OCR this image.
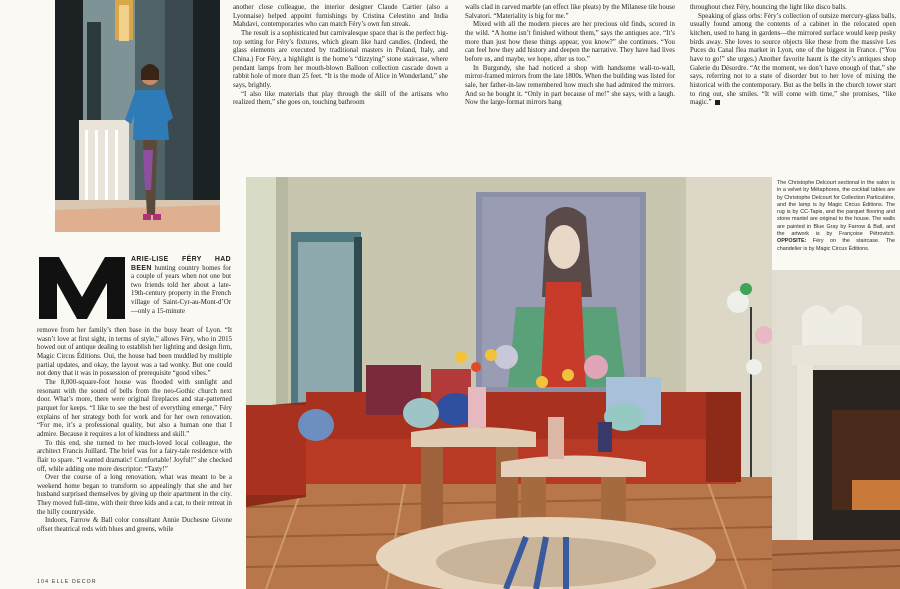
ARIE-LISE FÉRY HAD BEEN hunting country homes for a couple of years when not one but two friends told her about a late-19th-century property in the French village of Saint-Cyr-au-Mont-d’Or—only a 15-minute

remove from her family’s then base in the busy heart of Lyon. “It wasn’t love at first sight, in terms of style,” allows Féry, who in 2015 bowed out of antique dealing to establish her lighting and design firm, Magic Circus Éditions. Oui, the house had been muddled by multiple partial updates, and okay, the layout was a tad wonky. But one could not deny that it was in possession of prerequisite “good vibes.”

The 8,000-square-foot house was flooded with sunlight and resonant with the sound of bells from the neo-Gothic church next door. What’s more, there were original fireplaces and star-patterned parquet for keeps. “I like to see the best of everything emerge,” Féry explains of her strategy both for work and for her own renovation. “For me, it’s a professional quality, but also a human one that I admire. Because it requires a lot of kindness and skill.”

To this end, she turned to her much-loved local colleague, the architect Francis Juillard. The brief was for a fairy-tale residence with flair to spare. “I wanted dramatic! Comfortable! Joyful!” she checked off, while adding one more descriptor: “Tasty!”

Over the course of a long renovation, what was meant to be a weekend home began to transform so appealingly that she and her husband surprised themselves by giving up their apartment in the city. They moved full-time, with their three kids and a cat, to their retreat in the hilly countryside.

Indoors, Farrow & Ball color consultant Annie Duchesne Givone offset theatrical reds with blues and greens, while

another close colleague, the interior designer Claude Cartier (also a Lyonnaise) helped appoint furnishings by Cristina Celestino and India Mahdavi, contemporaries who can match Féry’s own fun streak.

The result is a sophisticated but carnivalesque space that is the perfect big-top setting for Féry’s fixtures, which gleam like hard candies. (Indeed, the glass elements are executed by traditional masters in Poland, Italy, and China.) For Féry, a highlight is the home’s “dizzying” stone staircase, where pendant lamps from her mouth-blown Balloon collection cascade down a rabbit hole of more than 25 feet. “It is the mode of Alice in Wonderland,” she says, brightly.

“I also like materials that play through the skill of the artisans who realized them,” she goes on, touching bathroom

walls clad in carved marble (an effect like pleats) by the Milanese tile house Salvatori. “Materiality is big for me.”

Mixed with all the modern pieces are her precious old finds, scored in the wild. “A home isn’t finished without them,” says the antiques ace. “It’s more than just how these things appear, you know?” she continues. “You can feel how they add history and deepen the narrative. They have had lives before us, and maybe, we hope, after us too.”

In Burgundy, she had noticed a shop with handsome wall-to-wall, mirror-framed mirrors from the late 1800s. When the building was listed for sale, her father-in-law remembered how much she had admired the mirrors. And so he bought it. “Only in part because of me!” she says, with a laugh. Now the large-format mirrors hang

throughout chez Féry, bouncing the light like disco balls.

Speaking of glass orbs: Féry’s collection of outsize mercury-glass balls, usually found among the contents of a cabinet in the relocated open kitchen, used to hang in gardens—the mirrored surface would keep pesky birds away. She loves to source objects like these from the massive Les Puces du Canal flea market in Lyon, one of the biggest in France. (“You have to go!” she urges.) Another favorite haunt is the city’s antiques shop Galerie du Désordre. “At the moment, we don’t have enough of that,” she says, referring not to a state of disorder but to her love of mixing the historical with the contemporary. But as the bells in the church tower start to ring out, she smiles. “It will come with time,” she promises, “like magic.”

The Christophe Delcourt sectional in the salon is in a velvet by Métaphores, the cocktail tables are by Christophe Delcourt for Collection Particulière, and the lamp is by Magic Circus Éditions. The rug is by CC-Tapis, and the parquet flooring and stone mantel are original to the house. The walls are painted in Blue Gray by Farrow & Ball, and the artwork is by Françoise Pétrovitch. OPPOSITE: Féry on the staircase. The chandelier is by Magic Circus Éditions.
104 ELLE DECOR
